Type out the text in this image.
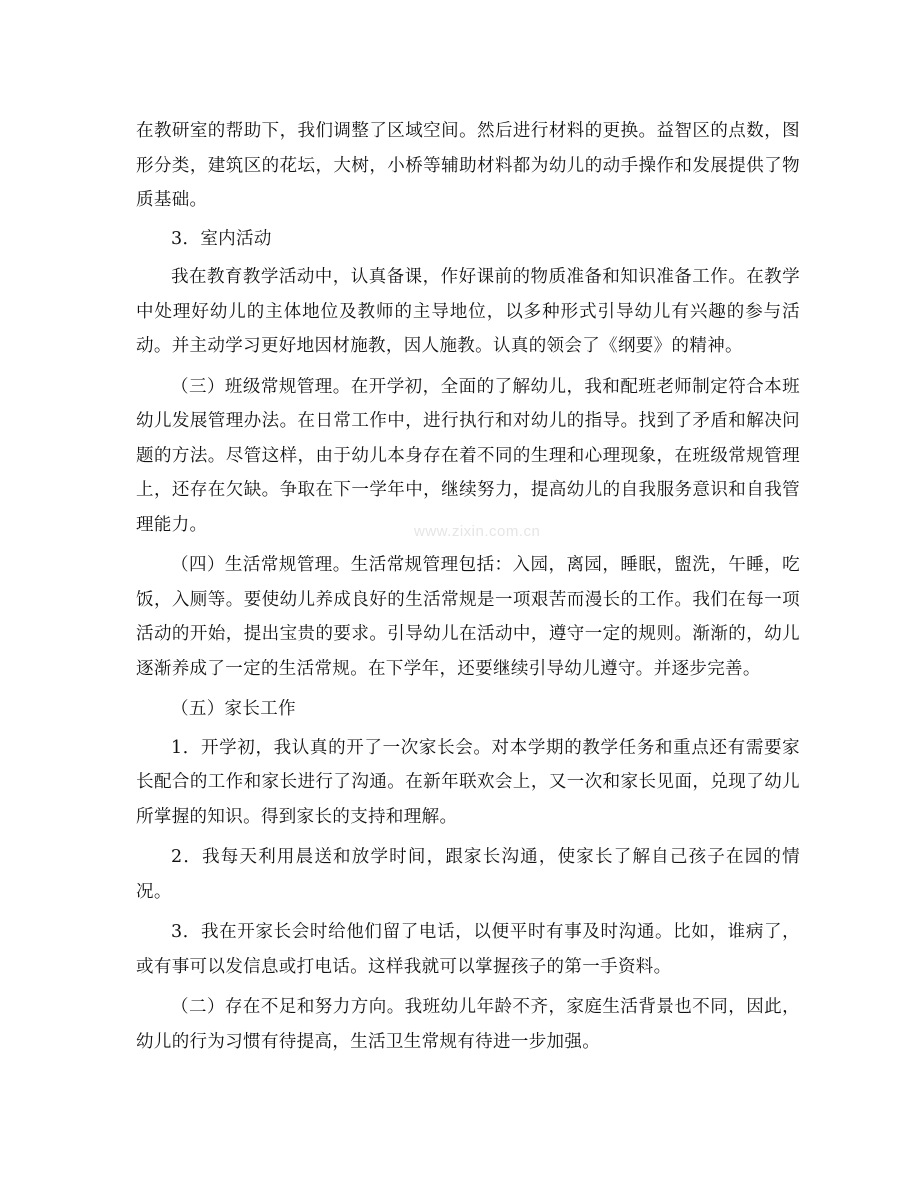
在教研室的帮助下，我们调整了区域空间。然后进行材料的更换。益智区的点数，图形分类，建筑区的花坛，大树，小桥等辅助材料都为幼儿的动手操作和发展提供了物质基础。

3．室内活动

我在教育教学活动中，认真备课，作好课前的物质准备和知识准备工作。在教学中处理好幼儿的主体地位及教师的主导地位，以多种形式引导幼儿有兴趣的参与活动。并主动学习更好地因材施教，因人施教。认真的领会了《纲要》的精神。

（三）班级常规管理。在开学初，全面的了解幼儿，我和配班老师制定符合本班幼儿发展管理办法。在日常工作中，进行执行和对幼儿的指导。找到了矛盾和解决问题的方法。尽管这样，由于幼儿本身存在着不同的生理和心理现象，在班级常规管理上，还存在欠缺。争取在下一学年中，继续努力，提高幼儿的自我服务意识和自我管理能力。

（四）生活常规管理。生活常规管理包括：入园，离园，睡眠，盥洗，午睡，吃饭，入厕等。要使幼儿养成良好的生活常规是一项艰苦而漫长的工作。我们在每一项活动的开始，提出宝贵的要求。引导幼儿在活动中，遵守一定的规则。渐渐的，幼儿逐渐养成了一定的生活常规。在下学年，还要继续引导幼儿遵守。并逐步完善。

（五）家长工作

1．开学初，我认真的开了一次家长会。对本学期的教学任务和重点还有需要家长配合的工作和家长进行了沟通。在新年联欢会上，又一次和家长见面，兑现了幼儿所掌握的知识。得到家长的支持和理解。

2．我每天利用晨送和放学时间，跟家长沟通，使家长了解自己孩子在园的情况。

3．我在开家长会时给他们留了电话，以便平时有事及时沟通。比如，谁病了，或有事可以发信息或打电话。这样我就可以掌握孩子的第一手资料。

（二）存在不足和努力方向。我班幼儿年龄不齐，家庭生活背景也不同，因此，幼儿的行为习惯有待提高，生活卫生常规有待进一步加强。

www.zixin.com.cn
